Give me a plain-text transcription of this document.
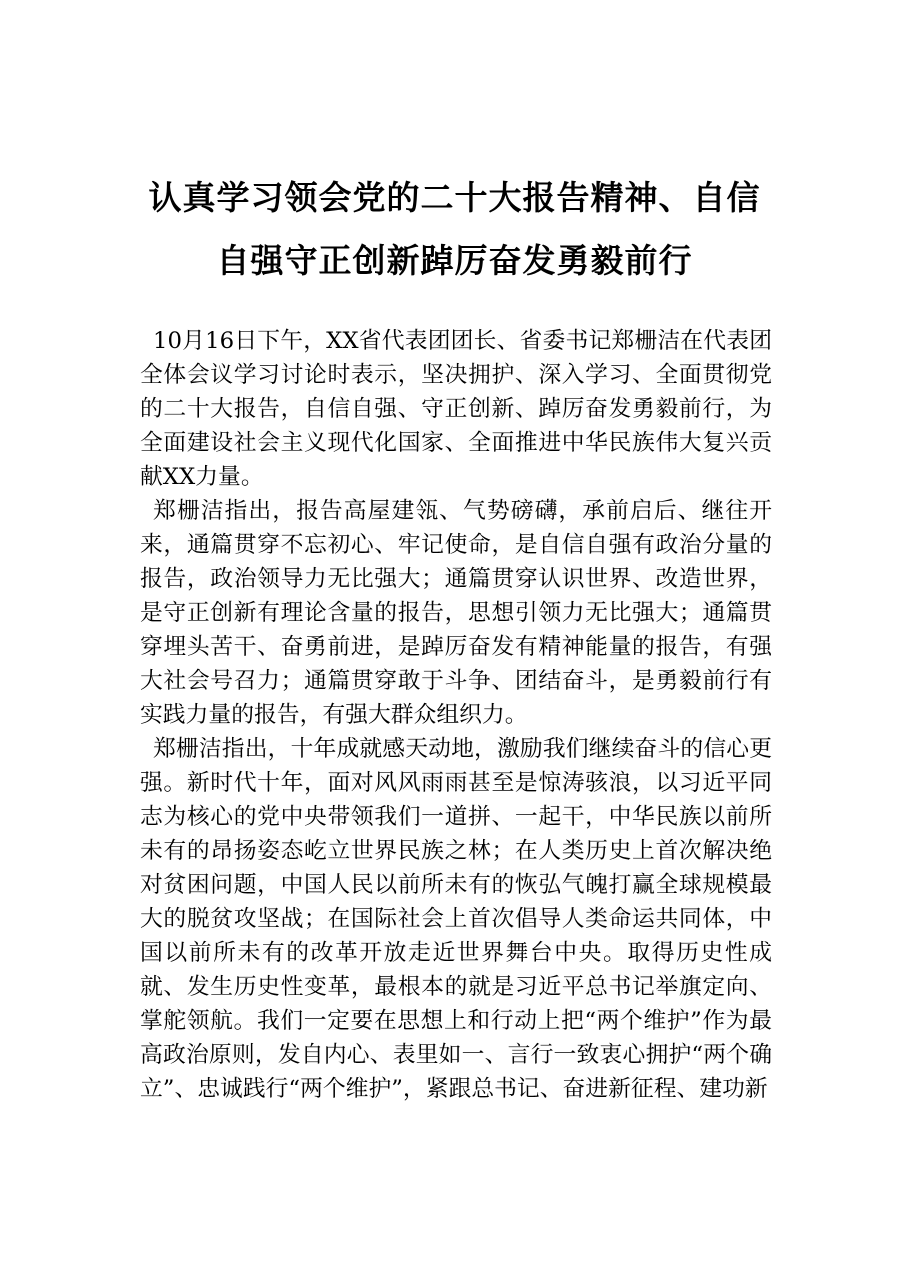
认真学习领会党的二十大报告精神、自信
自强守正创新踔厉奋发勇毅前行

10月16日下午，XX省代表团团长、省委书记郑栅洁在代表团全体会议学习讨论时表示，坚决拥护、深入学习、全面贯彻党的二十大报告，自信自强、守正创新、踔厉奋发勇毅前行，为全面建设社会主义现代化国家、全面推进中华民族伟大复兴贡献XX力量。

郑栅洁指出，报告高屋建瓴、气势磅礴，承前启后、继往开来，通篇贯穿不忘初心、牢记使命，是自信自强有政治分量的报告，政治领导力无比强大；通篇贯穿认识世界、改造世界，是守正创新有理论含量的报告，思想引领力无比强大；通篇贯穿埋头苦干、奋勇前进，是踔厉奋发有精神能量的报告，有强大社会号召力；通篇贯穿敢于斗争、团结奋斗，是勇毅前行有实践力量的报告，有强大群众组织力。

郑栅洁指出，十年成就感天动地，激励我们继续奋斗的信心更强。新时代十年，面对风风雨雨甚至是惊涛骇浪，以习近平同志为核心的党中央带领我们一道拼、一起干，中华民族以前所未有的昂扬姿态屹立世界民族之林；在人类历史上首次解决绝对贫困问题，中国人民以前所未有的恢弘气魄打赢全球规模最大的脱贫攻坚战；在国际社会上首次倡导人类命运共同体，中国以前所未有的改革开放走近世界舞台中央。取得历史性成就、发生历史性变革，最根本的就是习近平总书记举旗定向、掌舵领航。我们一定要在思想上和行动上把“两个维护”作为最高政治原则，发自内心、表里如一、言行一致衷心拥护“两个确立”、忠诚践行“两个维护”，紧跟总书记、奋进新征程、建功新
